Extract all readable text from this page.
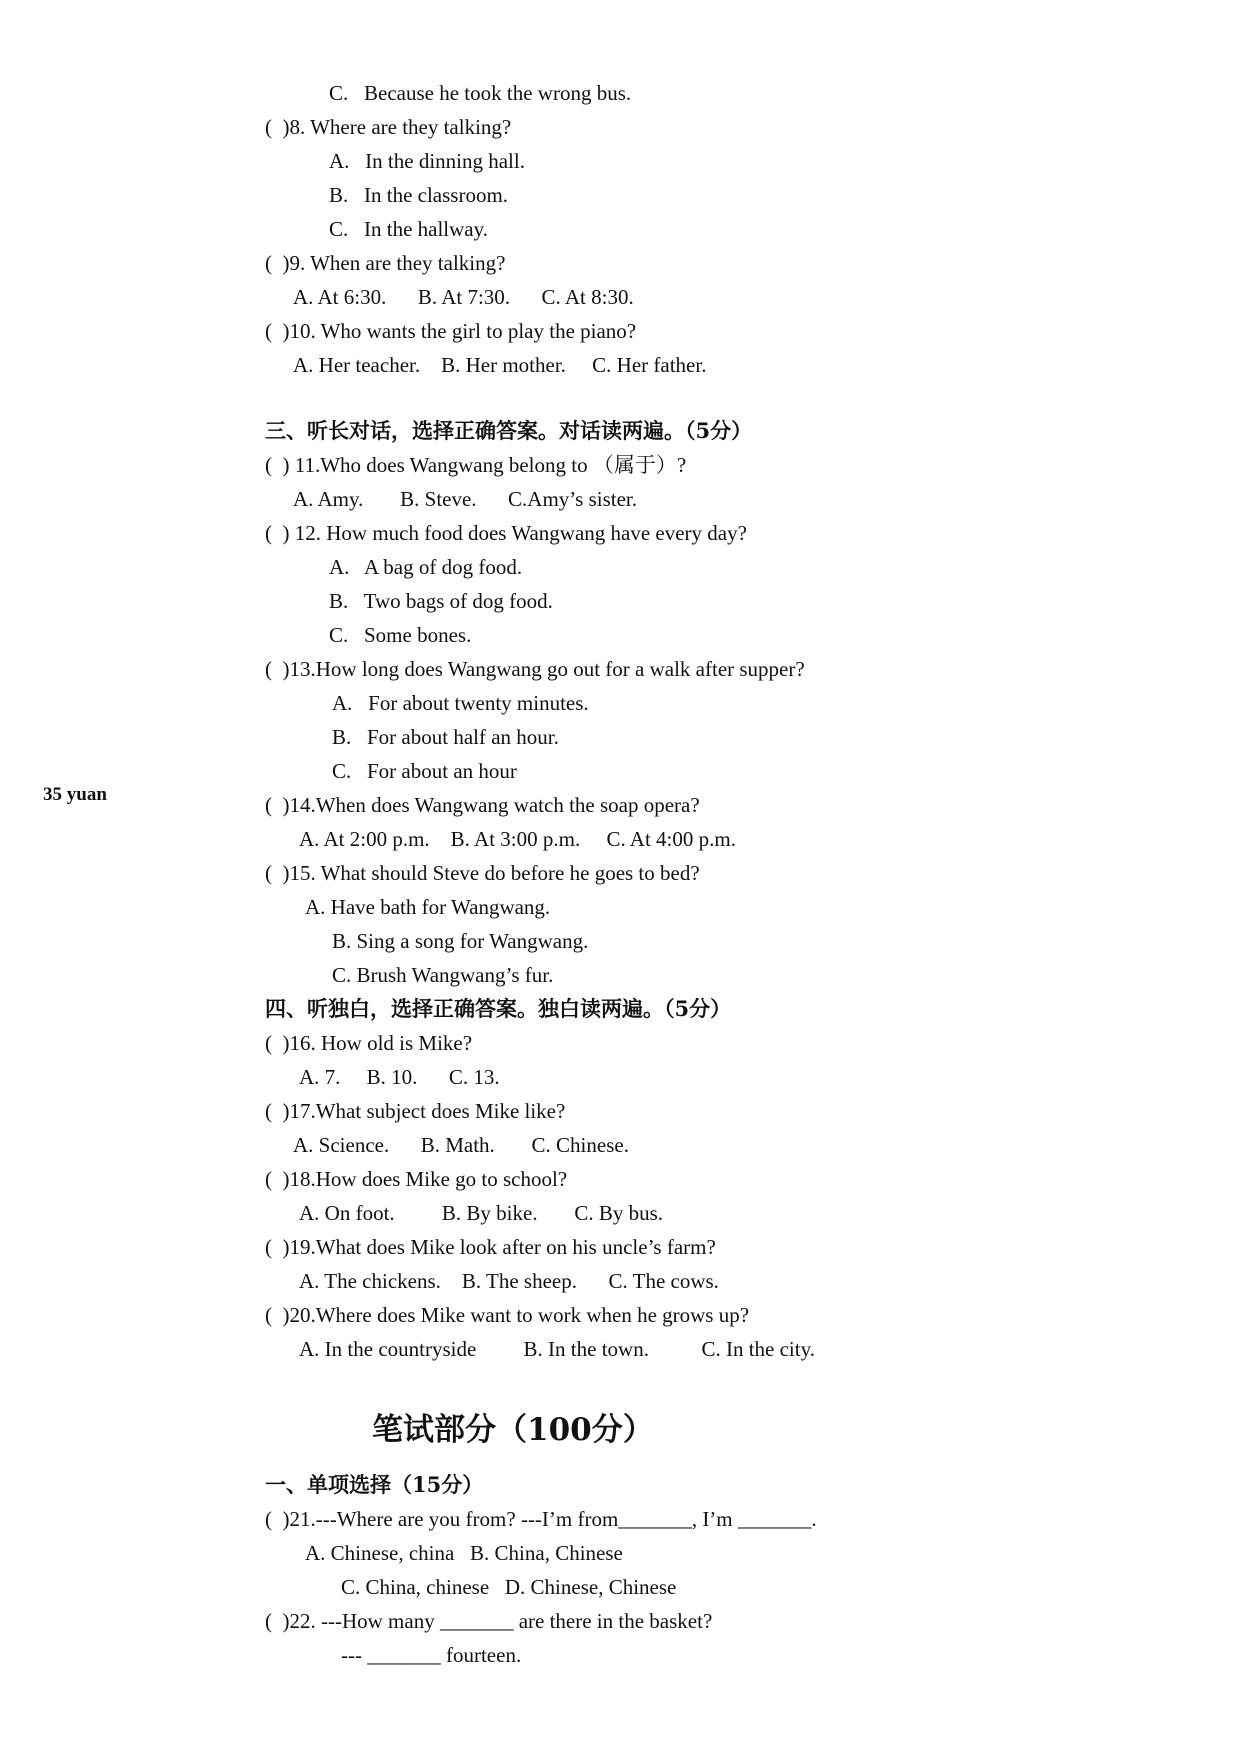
35 yuan
C.   Because he took the wrong bus.
(  )8. Where are they talking?
A.   In the dinning hall.
B.   In the classroom.
C.   In the hallway.
(  )9. When are they talking?
A. At 6:30.      B. At 7:30.      C. At 8:30.
(  )10. Who wants the girl to play the piano?
A. Her teacher.    B. Her mother.     C. Her father.
三、听长对话，选择正确答案。对话读两遍。（5分）
(  ) 11.Who does Wangwang belong to （属于）?
A. Amy.       B. Steve.      C.Amy’s sister.
(  ) 12. How much food does Wangwang have every day?
A.   A bag of dog food.
B.   Two bags of dog food.
C.   Some bones.
(  )13.How long does Wangwang go out for a walk after supper?
A.   For about twenty minutes.
B.   For about half an hour.
C.   For about an hour
(  )14.When does Wangwang watch the soap opera?
A. At 2:00 p.m.    B. At 3:00 p.m.     C. At 4:00 p.m.
(  )15. What should Steve do before he goes to bed?
A. Have bath for Wangwang.
B. Sing a song for Wangwang.
C. Brush Wangwang’s fur.
四、听独白，选择正确答案。独白读两遍。（5分）
(  )16. How old is Mike?
A. 7.     B. 10.      C. 13.
(  )17.What subject does Mike like?
A. Science.      B. Math.       C. Chinese.
(  )18.How does Mike go to school?
A. On foot.         B. By bike.       C. By bus.
(  )19.What does Mike look after on his uncle’s farm?
A. The chickens.    B. The sheep.      C. The cows.
(  )20.Where does Mike want to work when he grows up?
A. In the countryside         B. In the town.          C. In the city.
笔试部分（100分）
一、单项选择（15分）
(  )21.---Where are you from? ---I’m from_______, I’m _______.
A. Chinese, china   B. China, Chinese
C. China, chinese   D. Chinese, Chinese
(  )22. ---How many _______ are there in the basket?
--- _______ fourteen.
